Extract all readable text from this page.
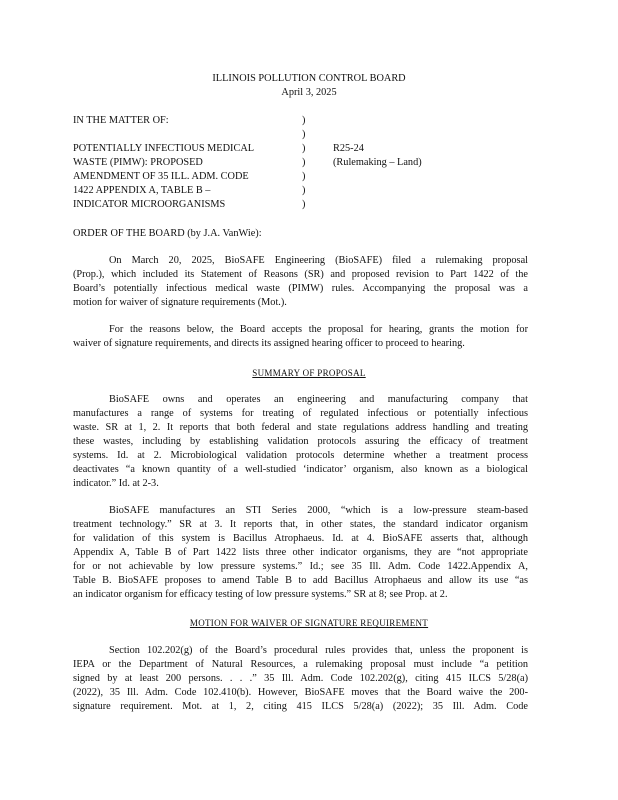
ILLINOIS POLLUTION CONTROL BOARD
April 3, 2025
IN THE MATTER OF:
POTENTIALLY INFECTIOUS MEDICAL
WASTE (PIMW): PROPOSED
AMENDMENT OF 35 ILL. ADM. CODE
1422 APPENDIX A, TABLE B –
INDICATOR MICROORGANISMS
)
)
)
)
)
)
)
R25-24
(Rulemaking – Land)
ORDER OF THE BOARD (by J.A. VanWie):
On March 20, 2025, BioSAFE Engineering (BioSAFE) filed a rulemaking proposal
(Prop.), which included its Statement of Reasons (SR) and proposed revision to Part 1422 of the
Board’s potentially infectious medical waste (PIMW) rules. Accompanying the proposal was a
motion for waiver of signature requirements (Mot.).
For the reasons below, the Board accepts the proposal for hearing, grants the motion for
waiver of signature requirements, and directs its assigned hearing officer to proceed to hearing.
SUMMARY OF PROPOSAL
BioSAFE owns and operates an engineering and manufacturing company that
manufactures a range of systems for treating of regulated infectious or potentially infectious
waste. SR at 1, 2. It reports that both federal and state regulations address handling and treating
these wastes, including by establishing validation protocols assuring the efficacy of treatment
systems. Id. at 2. Microbiological validation protocols determine whether a treatment process
deactivates “a known quantity of a well-studied ‘indicator’ organism, also known as a biological
indicator.” Id. at 2-3.
BioSAFE manufactures an STI Series 2000, “which is a low-pressure steam-based
treatment technology.” SR at 3. It reports that, in other states, the standard indicator organism
for validation of this system is Bacillus Atrophaeus. Id. at 4. BioSAFE asserts that, although
Appendix A, Table B of Part 1422 lists three other indicator organisms, they are “not appropriate
for or not achievable by low pressure systems.” Id.; see 35 Ill. Adm. Code 1422.Appendix A,
Table B. BioSAFE proposes to amend Table B to add Bacillus Atrophaeus and allow its use “as
an indicator organism for efficacy testing of low pressure systems.” SR at 8; see Prop. at 2.
MOTION FOR WAIVER OF SIGNATURE REQUIREMENT
Section 102.202(g) of the Board’s procedural rules provides that, unless the proponent is
IEPA or the Department of Natural Resources, a rulemaking proposal must include “a petition
signed by at least 200 persons. . . .” 35 Ill. Adm. Code 102.202(g), citing 415 ILCS 5/28(a)
(2022), 35 Ill. Adm. Code 102.410(b). However, BioSAFE moves that the Board waive the 200-
signature requirement. Mot. at 1, 2, citing 415 ILCS 5/28(a) (2022); 35 Ill. Adm. Code
